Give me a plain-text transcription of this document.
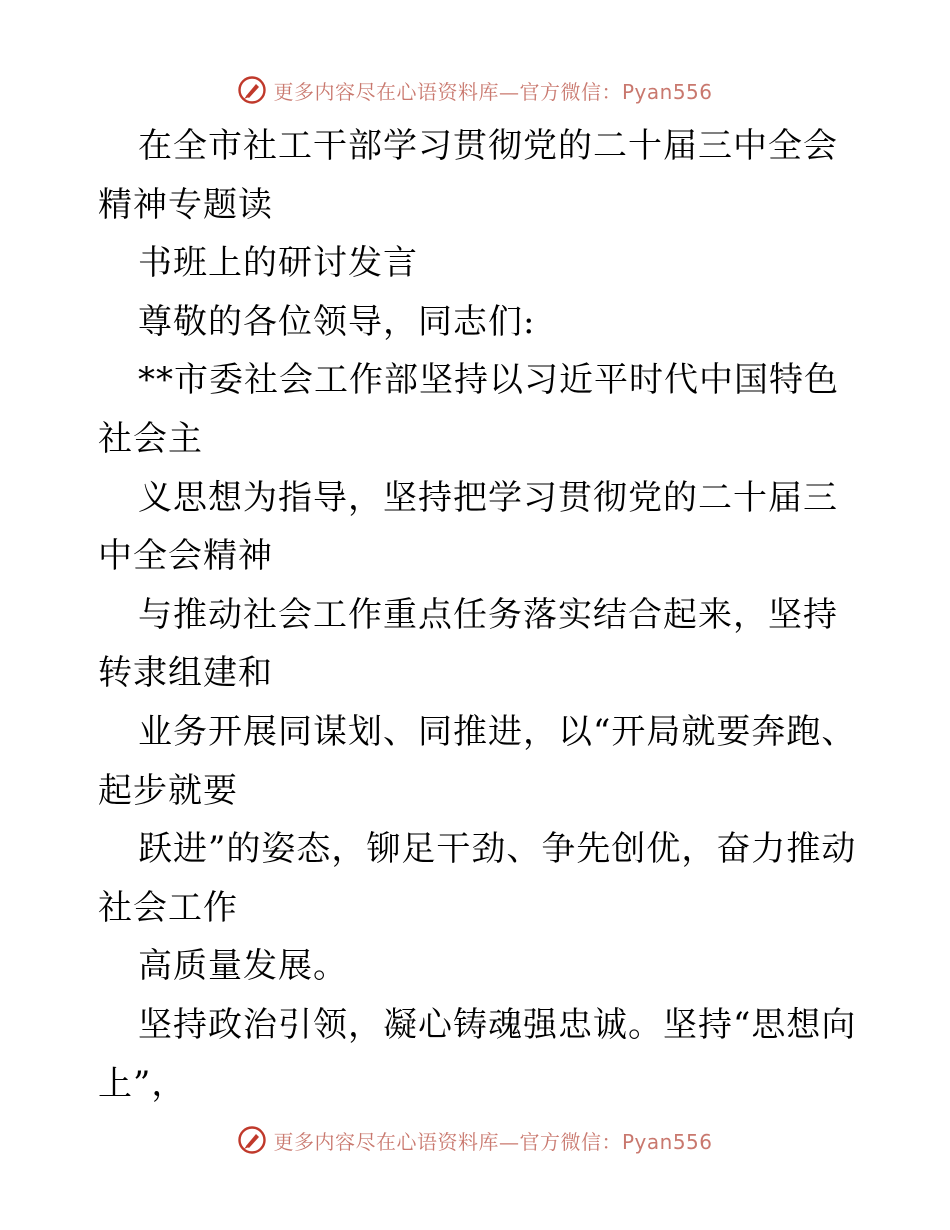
更多内容尽在心语资料库—官方微信：Pyan556

在全市社工干部学习贯彻党的二十届三中全会精神专题读

书班上的研讨发言

尊敬的各位领导，同志们:

**市委社会工作部坚持以习近平时代中国特色社会主

义思想为指导，坚持把学习贯彻党的二十届三中全会精神

与推动社会工作重点任务落实结合起来，坚持转隶组建和

业务开展同谋划、同推进，以“开局就要奔跑、起步就要

跃进”的姿态，铆足干劲、争先创优，奋力推动社会工作

高质量发展。

坚持政治引领，凝心铸魂强忠诚。坚持“思想向上”，

更多内容尽在心语资料库—官方微信：Pyan556
